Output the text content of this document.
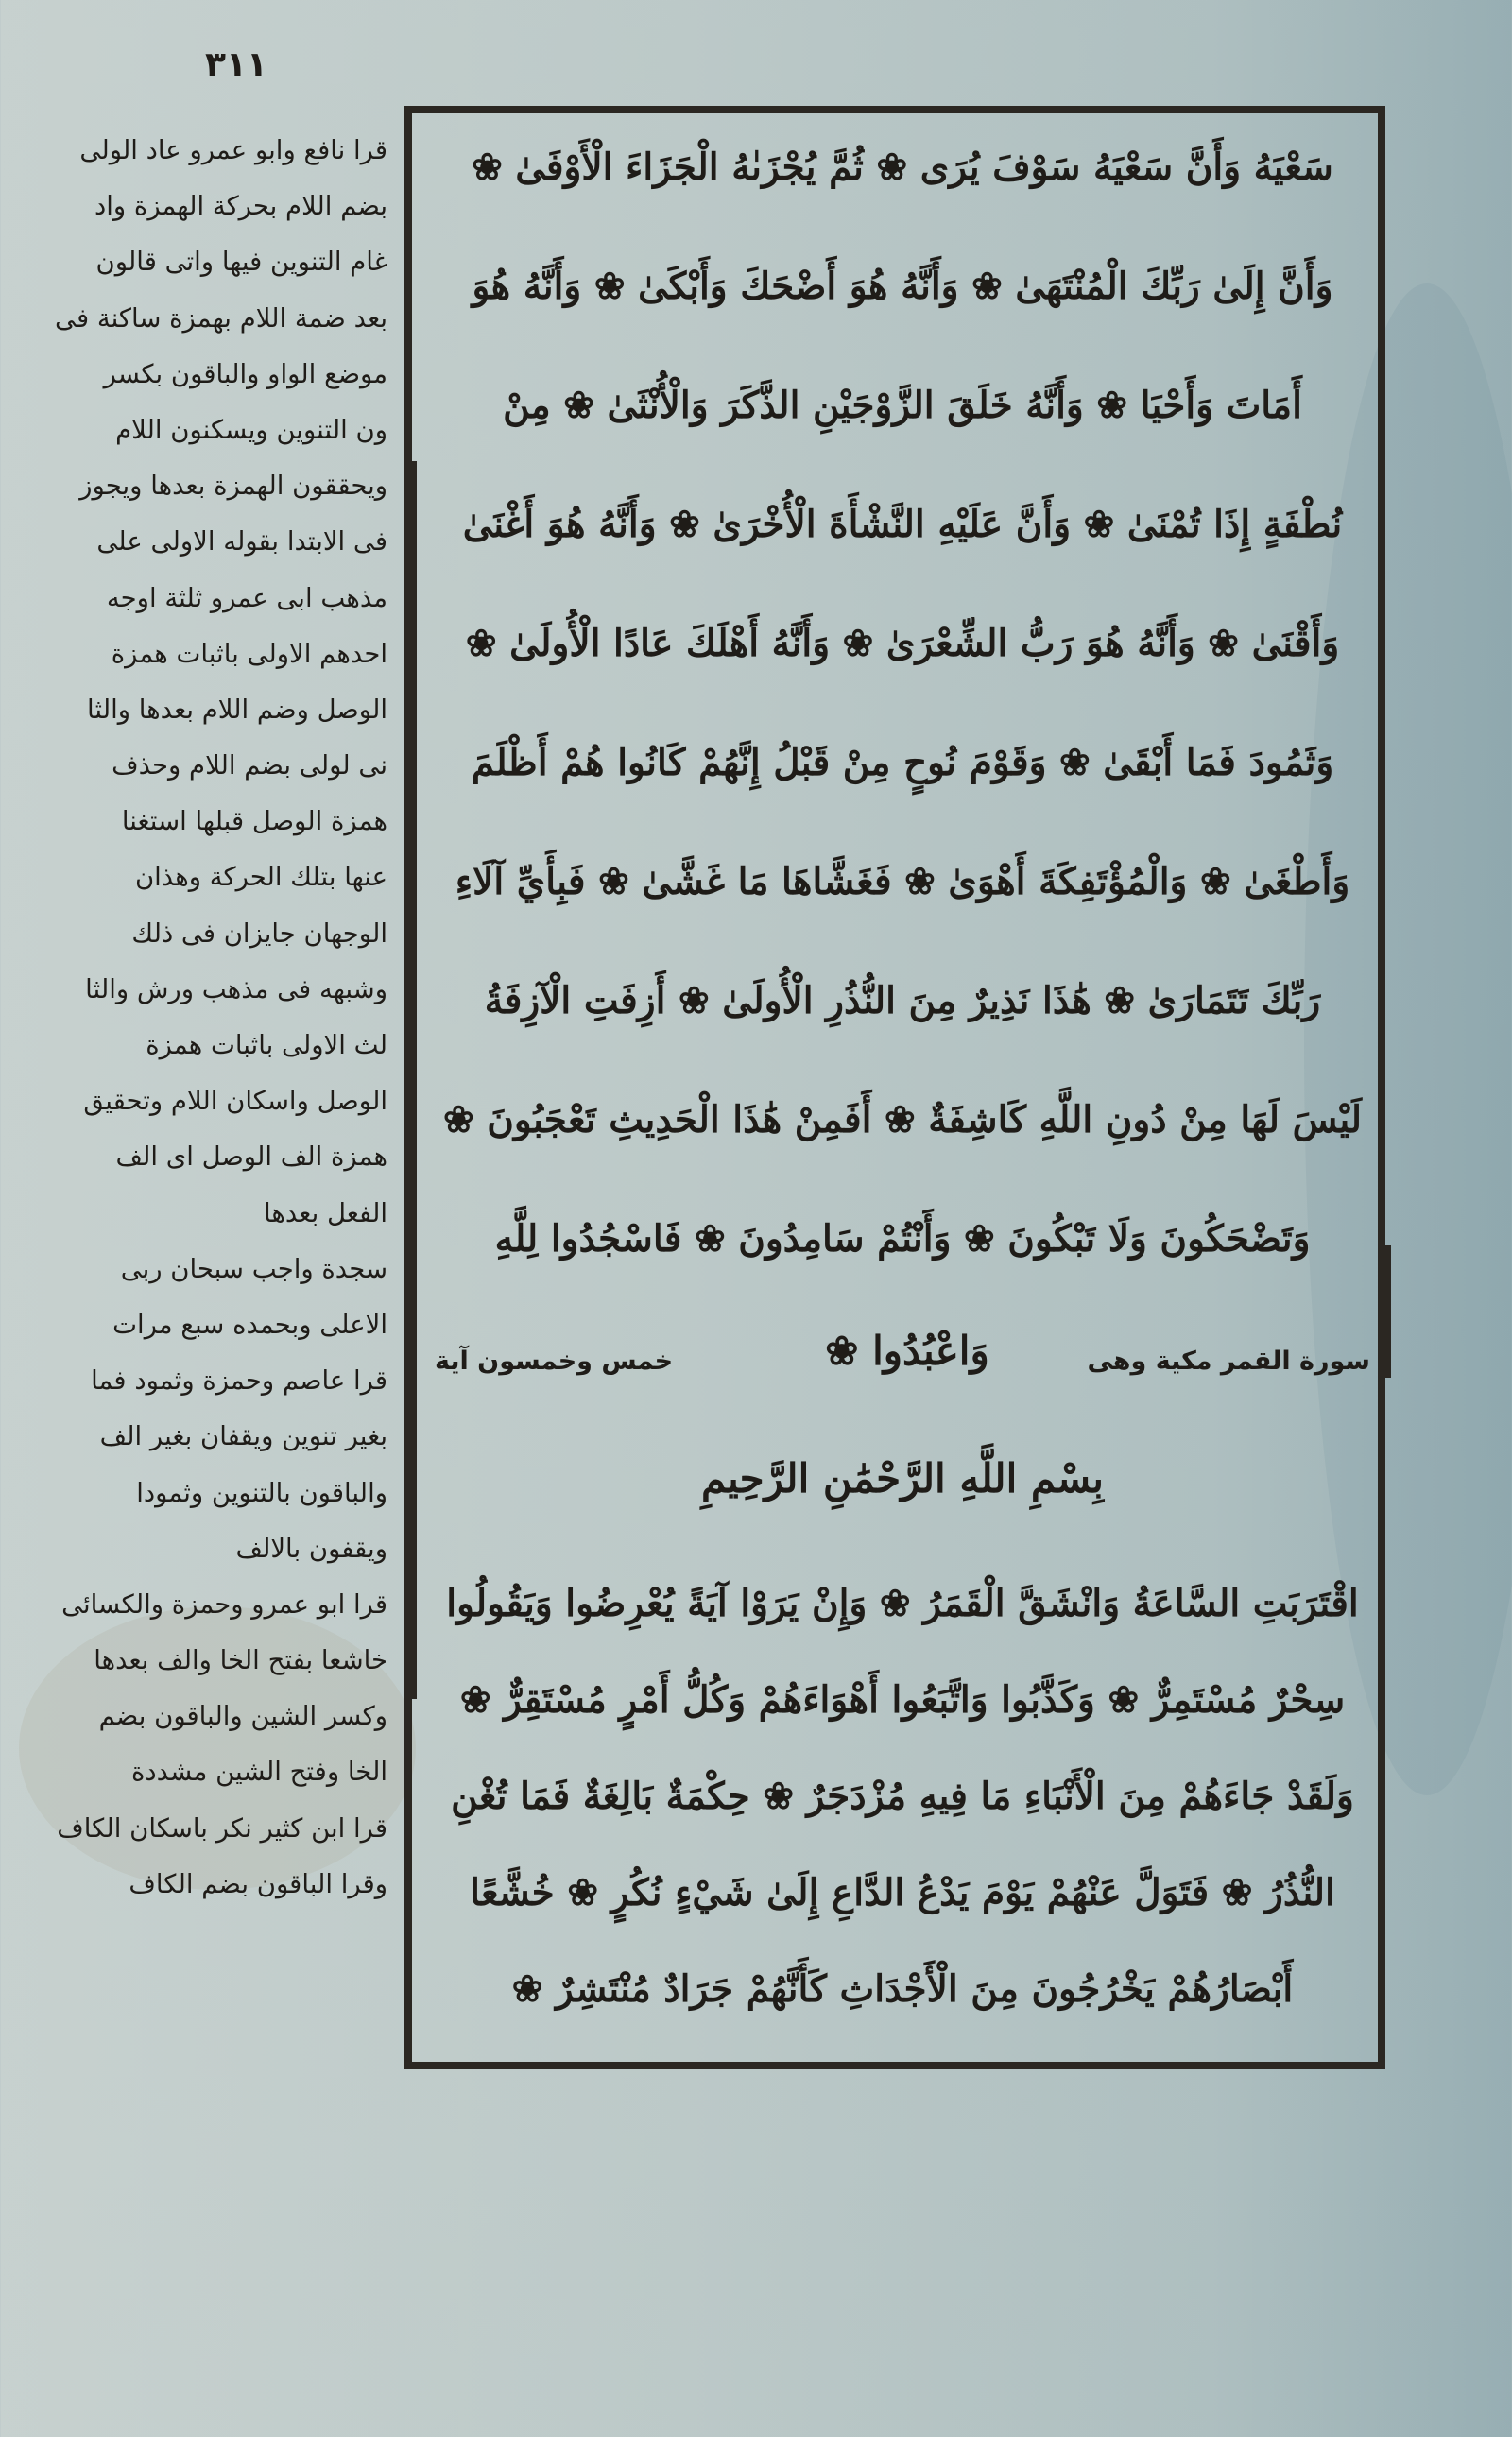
٣١١
قرا نافع وابو عمرو عاد الولى
بضم اللام بحركة الهمزة واد
غام التنوين فيها واتى قالون
بعد ضمة اللام بهمزة ساكنة فى
موضع الواو والباقون بكسر
ون التنوين ويسكنون اللام
ويحققون الهمزة بعدها ويجوز
فى الابتدا بقوله الاولى على
مذهب ابى عمرو ثلثة اوجه
احدهم الاولى باثبات همزة
الوصل وضم اللام بعدها والثا
نى لولى بضم اللام وحذف
همزة الوصل قبلها استغنا
عنها بتلك الحركة وهذان
الوجهان جايزان فى ذلك
وشبهه فى مذهب ورش والثا
لث الاولى باثبات همزة
الوصل واسكان اللام وتحقيق
همزة الف الوصل اى الف
الفعل بعدها
سجدة واجب سبحان ربى
الاعلى وبحمده سبع مرات
قرا عاصم وحمزة وثمود فما
بغير تنوين ويقفان بغير الف
والباقون بالتنوين وثمودا
ويقفون بالالف
قرا ابو عمرو وحمزة والكسائى
خاشعا بفتح الخا والف بعدها
وكسر الشين والباقون بضم
الخا وفتح الشين مشددة
قرا ابن كثير نكر باسكان الكاف
وقرا الباقون بضم الكاف
سَعْيَهُ وَأَنَّ سَعْيَهُ سَوْفَ يُرَى ❀ ثُمَّ يُجْزَىٰهُ الْجَزَاءَ الْأَوْفَىٰ ❀
وَأَنَّ إِلَىٰ رَبِّكَ الْمُنْتَهَىٰ ❀ وَأَنَّهُ هُوَ أَضْحَكَ وَأَبْكَىٰ ❀ وَأَنَّهُ هُوَ
أَمَاتَ وَأَحْيَا ❀ وَأَنَّهُ خَلَقَ الزَّوْجَيْنِ الذَّكَرَ وَالْأُنْثَىٰ ❀ مِنْ
نُطْفَةٍ إِذَا تُمْنَىٰ ❀ وَأَنَّ عَلَيْهِ النَّشْأَةَ الْأُخْرَىٰ ❀ وَأَنَّهُ هُوَ أَغْنَىٰ
وَأَقْنَىٰ ❀ وَأَنَّهُ هُوَ رَبُّ الشِّعْرَىٰ ❀ وَأَنَّهُ أَهْلَكَ عَادًا الْأُولَىٰ ❀
وَثَمُودَ فَمَا أَبْقَىٰ ❀ وَقَوْمَ نُوحٍ مِنْ قَبْلُ إِنَّهُمْ كَانُوا هُمْ أَظْلَمَ
وَأَطْغَىٰ ❀ وَالْمُؤْتَفِكَةَ أَهْوَىٰ ❀ فَغَشَّاهَا مَا غَشَّىٰ ❀ فَبِأَيِّ آلَاءِ
رَبِّكَ تَتَمَارَىٰ ❀ هَٰذَا نَذِيرٌ مِنَ النُّذُرِ الْأُولَىٰ ❀ أَزِفَتِ الْآزِفَةُ
لَيْسَ لَهَا مِنْ دُونِ اللَّهِ كَاشِفَةٌ ❀ أَفَمِنْ هَٰذَا الْحَدِيثِ تَعْجَبُونَ ❀
وَتَضْحَكُونَ وَلَا تَبْكُونَ ❀ وَأَنْتُمْ سَامِدُونَ ❀ فَاسْجُدُوا لِلَّهِ
سورة القمر مكية وهى
وَاعْبُدُوا ❀
خمس وخمسون آية
بِسْمِ اللَّهِ الرَّحْمَٰنِ الرَّحِيمِ
اقْتَرَبَتِ السَّاعَةُ وَانْشَقَّ الْقَمَرُ ❀ وَإِنْ يَرَوْا آيَةً يُعْرِضُوا وَيَقُولُوا
سِحْرٌ مُسْتَمِرٌّ ❀ وَكَذَّبُوا وَاتَّبَعُوا أَهْوَاءَهُمْ وَكُلُّ أَمْرٍ مُسْتَقِرٌّ ❀
وَلَقَدْ جَاءَهُمْ مِنَ الْأَنْبَاءِ مَا فِيهِ مُزْدَجَرٌ ❀ حِكْمَةٌ بَالِغَةٌ فَمَا تُغْنِ
النُّذُرُ ❀ فَتَوَلَّ عَنْهُمْ يَوْمَ يَدْعُ الدَّاعِ إِلَىٰ شَيْءٍ نُكُرٍ ❀ خُشَّعًا
أَبْصَارُهُمْ يَخْرُجُونَ مِنَ الْأَجْدَاثِ كَأَنَّهُمْ جَرَادٌ مُنْتَشِرٌ ❀
